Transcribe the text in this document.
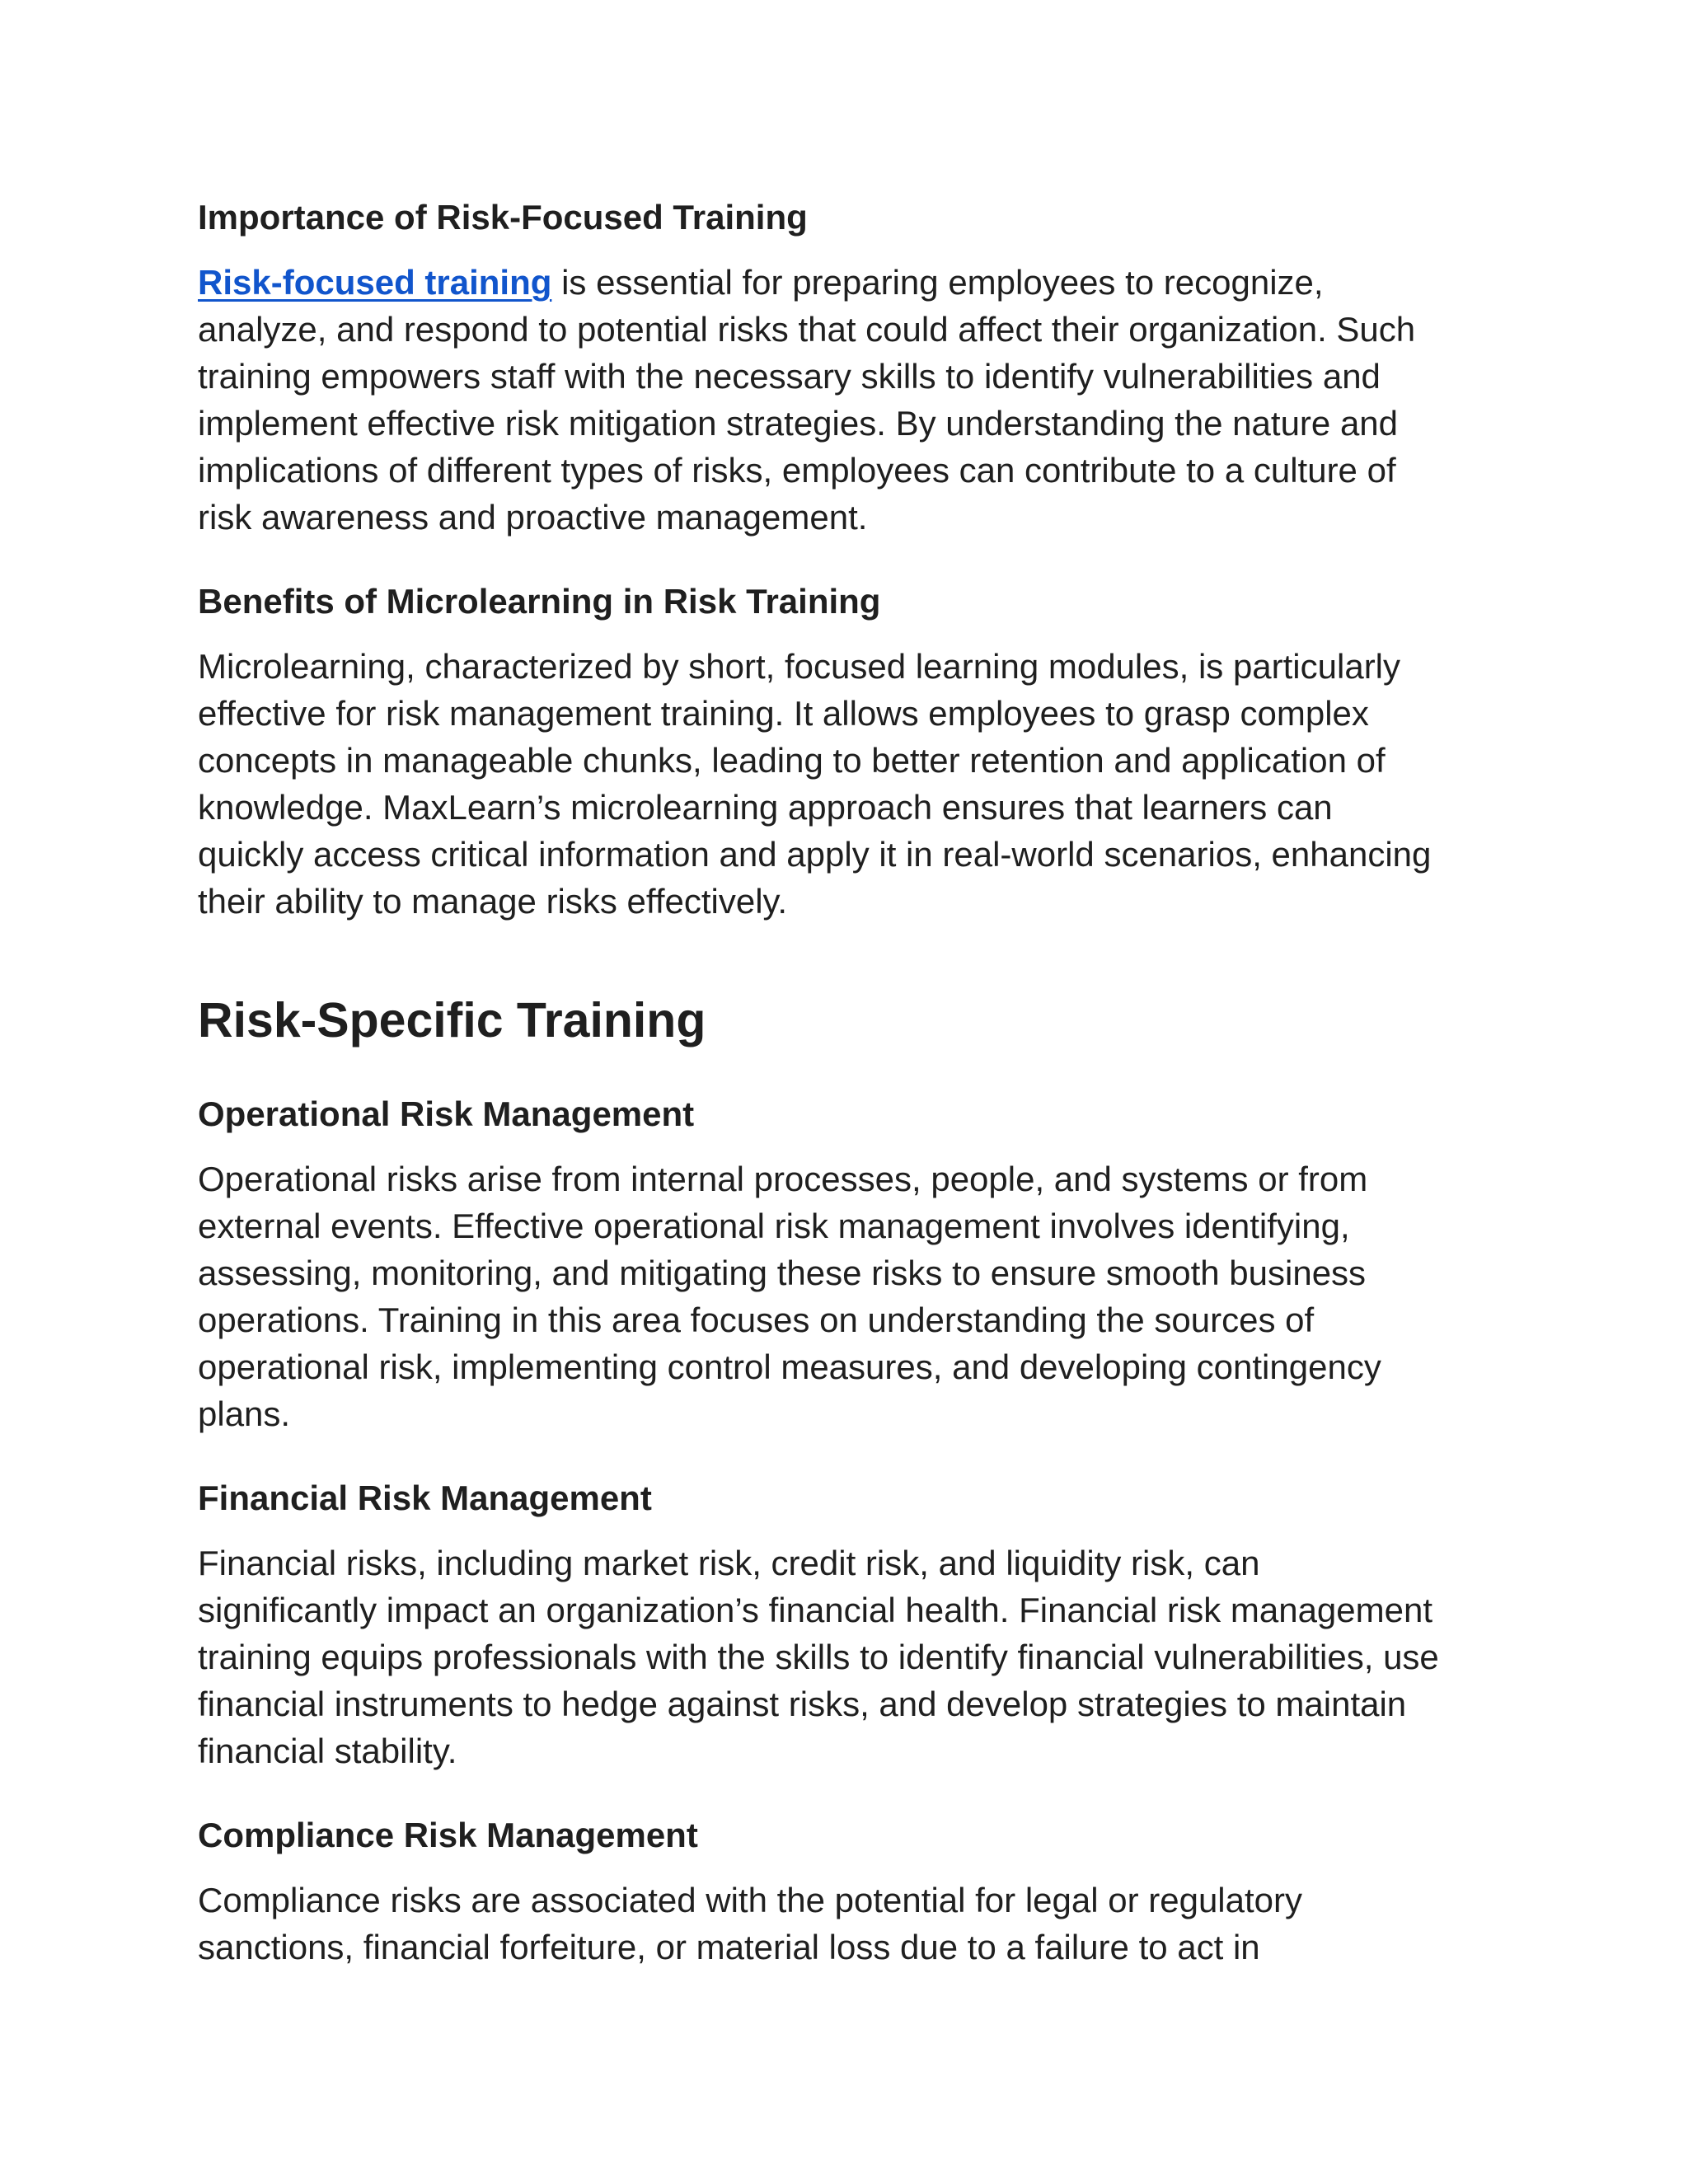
Importance of Risk-Focused Training
Risk-focused training is essential for preparing employees to recognize,
analyze, and respond to potential risks that could affect their organization. Such
training empowers staff with the necessary skills to identify vulnerabilities and
implement effective risk mitigation strategies. By understanding the nature and
implications of different types of risks, employees can contribute to a culture of
risk awareness and proactive management.
Benefits of Microlearning in Risk Training
Microlearning, characterized by short, focused learning modules, is particularly
effective for risk management training. It allows employees to grasp complex
concepts in manageable chunks, leading to better retention and application of
knowledge. MaxLearn’s microlearning approach ensures that learners can
quickly access critical information and apply it in real-world scenarios, enhancing
their ability to manage risks effectively.
Risk-Specific Training
Operational Risk Management
Operational risks arise from internal processes, people, and systems or from
external events. Effective operational risk management involves identifying,
assessing, monitoring, and mitigating these risks to ensure smooth business
operations. Training in this area focuses on understanding the sources of
operational risk, implementing control measures, and developing contingency
plans.
Financial Risk Management
Financial risks, including market risk, credit risk, and liquidity risk, can
significantly impact an organization’s financial health. Financial risk management
training equips professionals with the skills to identify financial vulnerabilities, use
financial instruments to hedge against risks, and develop strategies to maintain
financial stability.
Compliance Risk Management
Compliance risks are associated with the potential for legal or regulatory
sanctions, financial forfeiture, or material loss due to a failure to act in
